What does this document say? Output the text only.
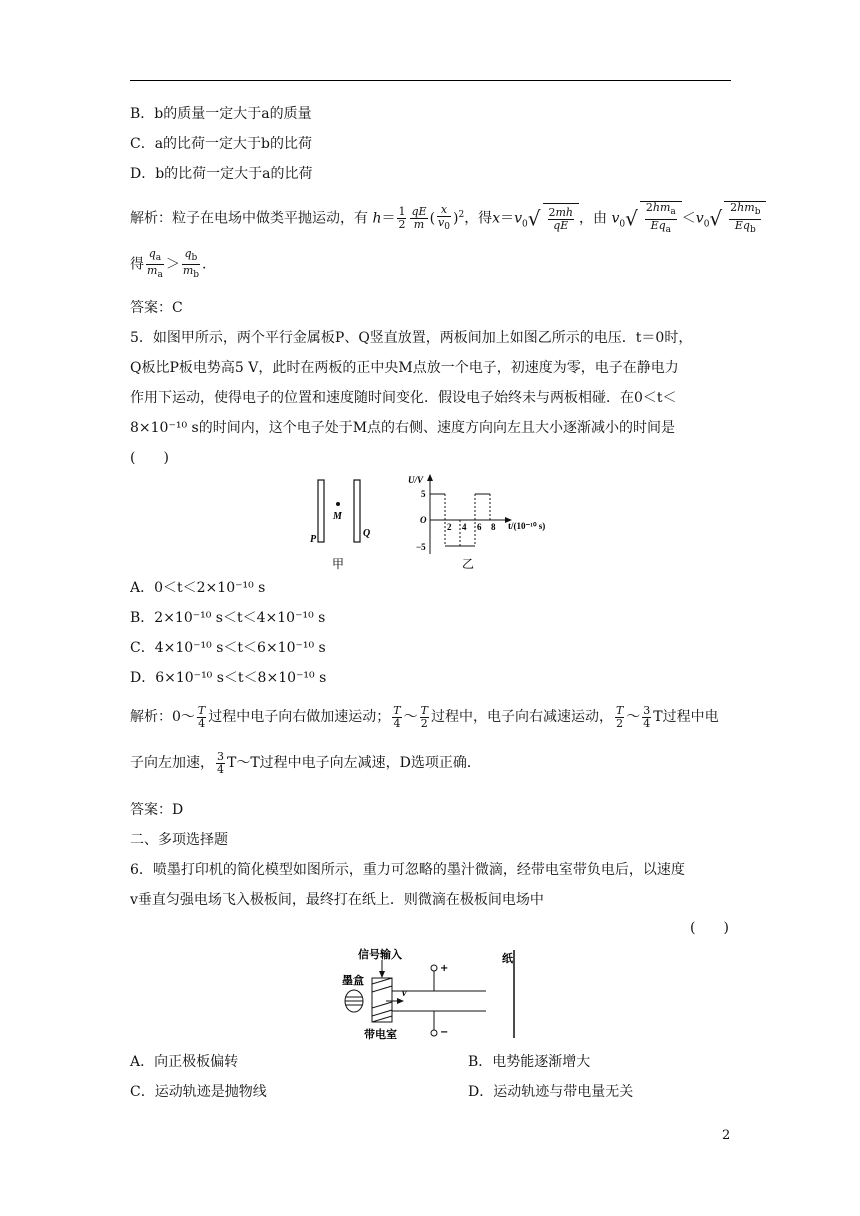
B．b的质量一定大于a的质量
C．a的比荷一定大于b的比荷
D．b的比荷一定大于a的比荷
解析：粒子在电场中做类平抛运动，有 $h= \frac{1}{2} \frac{qE}{m}$ ( $\frac{x}{v_0} )^2$，得$x=v_0√ \frac{2mh}{qE}$ ，由 $v_0√ \frac{2hm_a}{Eq_a} <v_0√ \frac{2hm_b}{Eq_b}$
得 $\frac{q_a}{m_a} > \frac{q_b}{m_b}$ .
答案：C
5．如图甲所示，两个平行金属板P、Q竖直放置，两板间加上如图乙所示的电压．t＝0时，
Q板比P板电势高5 V，此时在两板的正中央M点放一个电子，初速度为零，电子在静电力
作用下运动，使得电子的位置和速度随时间变化．假设电子始终未与两板相碰．在0＜t＜
8×10⁻¹⁰ s的时间内，这个电子处于M点的右侧、速度方向向左且大小逐渐减小的时间是
(　　)
M
P
Q
甲
U/V
t/(10⁻¹⁰ s)
O
5
−5
2 4 6 8
乙
A．0＜t＜2×10⁻¹⁰ s
B．2×10⁻¹⁰ s＜t＜4×10⁻¹⁰ s
C．4×10⁻¹⁰ s＜t＜6×10⁻¹⁰ s
D．6×10⁻¹⁰ s＜t＜8×10⁻¹⁰ s
解析：0～ $\frac{T}{4}$ 过程中电子向右做加速运动； $\frac{T}{4}$ ～ $\frac{T}{2}$ 过程中，电子向右减速运动， $\frac{T}{2}$ ～ $\frac{3}{4}$ T过程中电
子向左加速， $\frac{3}{4}$ T～T过程中电子向左减速，D选项正确．
答案：D
二、多项选择题
6．喷墨打印机的简化模型如图所示，重力可忽略的墨汁微滴，经带电室带负电后，以速度
v垂直匀强电场飞入极板间，最终打在纸上．则微滴在极板间电场中
(　　)
信号输入
墨盒
v
+
−
纸
带电室
A．向正极板偏转	B．电势能逐渐增大
C．运动轨迹是抛物线	D．运动轨迹与带电量无关
2
